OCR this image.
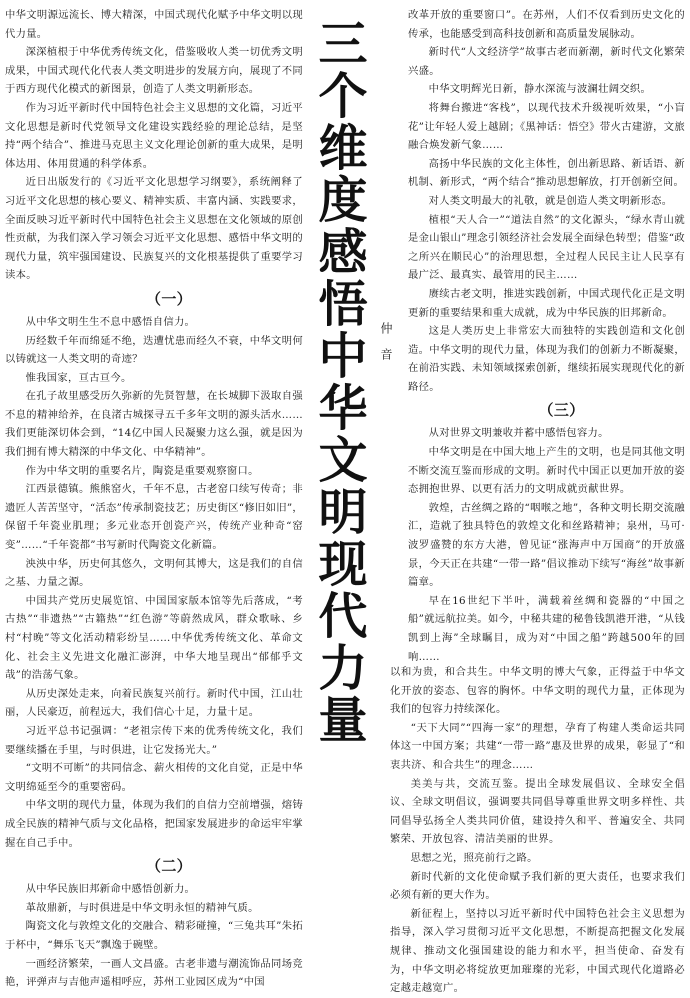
中华文明源远流长、博大精深，中国式现代化赋予中华文明以现代力量。

深深植根于中华优秀传统文化，借鉴吸收人类一切优秀文明成果，中国式现代化代表人类文明进步的发展方向，展现了不同于西方现代化模式的新图景，创造了人类文明新形态。

作为习近平新时代中国特色社会主义思想的文化篇，习近平文化思想是新时代党领导文化建设实践经验的理论总结，是坚持“两个结合”、推进马克思主义文化理论创新的重大成果，是明体达用、体用贯通的科学体系。

近日出版发行的《习近平文化思想学习纲要》，系统阐释了习近平文化思想的核心要义、精神实质、丰富内涵、实践要求，全面反映习近平新时代中国特色社会主义思想在文化领域的原创性贡献，为我们深入学习领会习近平文化思想、感悟中华文明的现代力量，筑牢强国建设、民族复兴的文化根基提供了重要学习读本。

（一）

从中华文明生生不息中感悟自信力。

历经数千年而绵延不绝，迭遭忧患而经久不衰，中华文明何以铸就这一人类文明的奇迹？

惟我国家，亘古亘今。

在孔子故里感受历久弥新的先贤智慧，在长城脚下汲取自强不息的精神给养，在良渚古城探寻五千多年文明的源头活水……我们更能深切体会到，“14亿中国人民凝聚力这么强，就是因为我们拥有博大精深的中华文化、中华精神”。

作为中华文明的重要名片，陶瓷是重要观察窗口。

江西景德镇。熊熊窑火，千年不息，古老窑口续写传奇；非遗匠人苦苦坚守，“活态”传承制瓷技艺；历史街区“修旧如旧”，保留千年瓷业肌理；多元业态开创瓷产兴，传统产业种奇“窑变”……“千年瓷都”书写新时代陶瓷文化新篇。

泱泱中华，历史何其悠久，文明何其博大，这是我们的自信之基、力量之源。

中国共产党历史展览馆、中国国家版本馆等先后落成，“考古热”“非遗热”“古籍热”“红色游”等蔚然成风，群众歌咏、乡村“村晚”等文化活动精彩纷呈……中华优秀传统文化、革命文化、社会主义先进文化融汇澎湃，中华大地呈现出“郁郁乎文哉”的浩荡气象。

从历史深处走来，向着民族复兴前行。新时代中国，江山壮丽，人民豪迈，前程远大，我们信心十足，力量十足。

习近平总书记强调：“老祖宗传下来的优秀传统文化，我们要继续播在手里，与时俱进，让它发扬光大。”

“文明不可断”的共同信念、薪火相传的文化自觉，正是中华文明绵延至今的重要密码。

中华文明的现代力量，体现为我们的自信力空前增强，熔铸成全民族的精神气质与文化品格，把国家发展进步的命运牢牢掌握在自己手中。

（二）

从中华民族旧邦新命中感悟创新力。

革故鼎新，与时俱进是中华文明永恒的精神气质。

陶瓷文化与敦煌文化的交融合、精彩碰撞，“三兔共耳”朱拓于杯中，“舞乐飞天”飘逸于碗壁。

一画经济繁荣，一画人文昌盛。古老非遗与潮流饰品同场竞艳，评弹声与吉他声遥相呼应，苏州工业园区成为“中国

三个维度感悟中华文明现代力量 仲音

改革开放的重要窗口”。在苏州，人们不仅看到历史文化的传承，也能感受到高科技创新和高质量发展脉动。

新时代“人文经济学”故事古老而新潮，新时代文化繁荣兴盛。

中华文明辉光日新，静水深流与波澜壮阔交织。

将舞台搬进“客栈”，以现代技术升级视听效果，“小盲花”让年轻人爱上越剧；《黑神话：悟空》带火古建游，文旅融合焕发新气象……

高扬中华民族的文化主体性，创出新思路、新话语、新机制、新形式，“两个结合”推动思想解放，打开创新空间。

对人类文明最大的礼敬，就是创造人类文明新形态。

植根“天人合一”“道法自然”的文化源头，“绿水青山就是金山银山”理念引领经济社会发展全面绿色转型；借鉴“政之所兴在顺民心”的治理思想，全过程人民民主让人民享有最广泛、最真实、最管用的民主……

赓续古老文明，推进实践创新，中国式现代化正是文明更新的重要结果和重大成就，成为中华民族的旧邦新命。

这是人类历史上非常宏大而独特的实践创造和文化创造。中华文明的现代力量，体现为我们的创新力不断凝聚，在前沿实践、未知领域探索创新，继续拓展实现现代化的新路径。

（三）

从对世界文明兼收并蓄中感悟包容力。

中华文明是在中国大地上产生的文明，也是同其他文明不断交流互鉴而形成的文明。新时代中国正以更加开放的姿态拥抱世界、以更有活力的文明成就贡献世界。

敦煌，古丝绸之路的“咽喉之地”，各种文明长期交流融汇，造就了独具特色的敦煌文化和丝路精神；泉州，马可·波罗盛赞的东方大港，曾见证“涨海声中万国商”的开放盛景，今天正在共建“一带一路”倡议推动下续写“海丝”故事新篇章。

早在16世纪下半叶，满载着丝绸和瓷器的“中国之船”就远航拉美。如今，中秘共建的秘鲁钱凯港开港，“从钱凯到上海”全球瞩目，成为对“中国之船”跨越500年的回响……

以和为贵，和合共生。中华文明的博大气象，正得益于中华文化开放的姿态、包容的胸怀。中华文明的现代力量，正体现为我们的包容力持续深化。

“天下大同”“四海一家”的理想，孕育了构建人类命运共同体这一中国方案；共建“一带一路”惠及世界的成果，彰显了“和衷共济、和合共生”的理念……

美美与共，交流互鉴。提出全球发展倡议、全球安全倡议、全球文明倡议，强调要共同倡导尊重世界文明多样性、共同倡导弘扬全人类共同价值，建设持久和平、普遍安全、共同繁荣、开放包容、清洁美丽的世界。

思想之光，照亮前行之路。

新时代新的文化使命赋予我们新的更大责任，也要求我们必须有新的更大作为。

新征程上，坚持以习近平新时代中国特色社会主义思想为指导，深入学习贯彻习近平文化思想，不断提高把握文化发展规律、推动文化强国建设的能力和水平，担当使命、奋发有为，中华文明必将绽放更加璀璨的光彩，中国式现代化道路必定越走越宽广。
